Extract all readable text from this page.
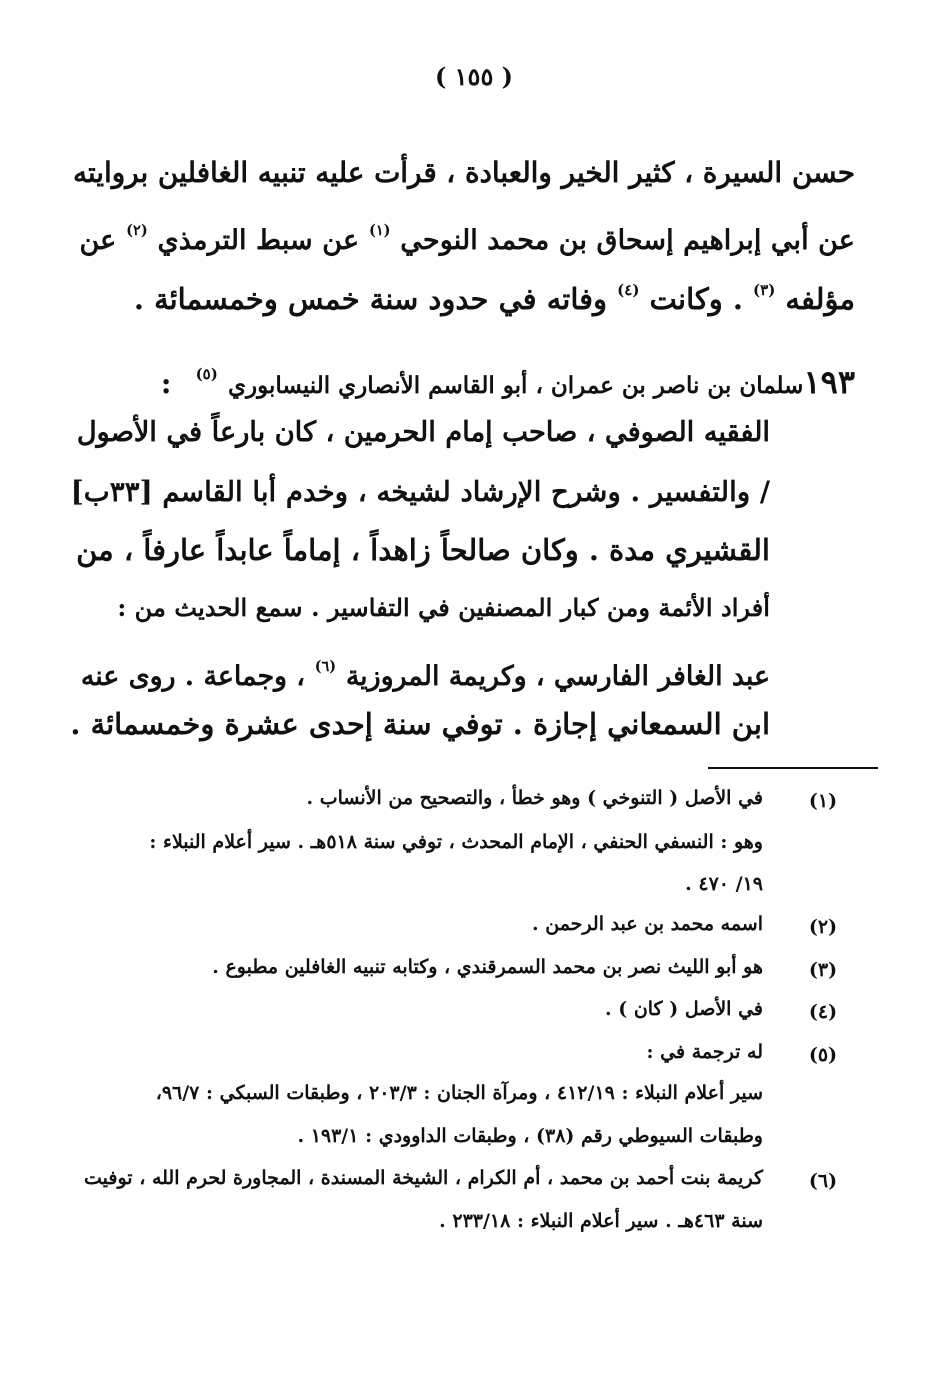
( ١٥٥ )
حسن السيرة ، كثير الخير والعبادة ، قرأت عليه تنبيه الغافلين بروايته
عن أبي إبراهيم إسحاق بن محمد النوحي $^{(١)}$ عن سبط الترمذي $^{(٢)}$ عن
مؤلفه $^{(٣)}$ . وكانت $^{(٤)}$ وفاته في حدود سنة خمس وخمسمائة .
١٩٣سلمان بن ناصر بن عمران ، أبو القاسم الأنصاري النيسابوري $^{(٥)}$ :
الفقيه الصوفي ، صاحب إمام الحرمين ، كان بارعاً في الأصول
/ والتفسير . وشرح الإرشاد لشيخه ، وخدم أبا القاسم [٣٣ب]
القشيري مدة . وكان صالحاً زاهداً ، إماماً عابداً عارفاً ، من
أفراد الأئمة ومن كبار المصنفين في التفاسير . سمع الحديث من :
عبد الغافر الفارسي ، وكريمة المروزية $^{(٦)}$ ، وجماعة . روى عنه
ابن السمعاني إجازة . توفي سنة إحدى عشرة وخمسمائة .
(١)
في الأصل ( التنوخي ) وهو خطأ ، والتصحيح من الأنساب .
وهو : النسفي الحنفي ، الإمام المحدث ، توفي سنة ٥١٨هـ . سير أعلام النبلاء :
١٩/ ٤٧٠ .
(٢)
اسمه محمد بن عبد الرحمن .
(٣)
هو أبو الليث نصر بن محمد السمرقندي ، وكتابه تنبيه الغافلين مطبوع .
(٤)
في الأصل ( كان ) .
(٥)
له ترجمة في :
سير أعلام النبلاء : ٤١٢/١٩ ، ومرآة الجنان : ٢٠٣/٣ ، وطبقات السبكي : ٩٦/٧،
وطبقات السيوطي رقم (٣٨) ، وطبقات الداوودي : ١٩٣/١ .
(٦)
كريمة بنت أحمد بن محمد ، أم الكرام ، الشيخة المسندة ، المجاورة لحرم الله ، توفيت
سنة ٤٦٣هـ . سير أعلام النبلاء : ٢٣٣/١٨ .
